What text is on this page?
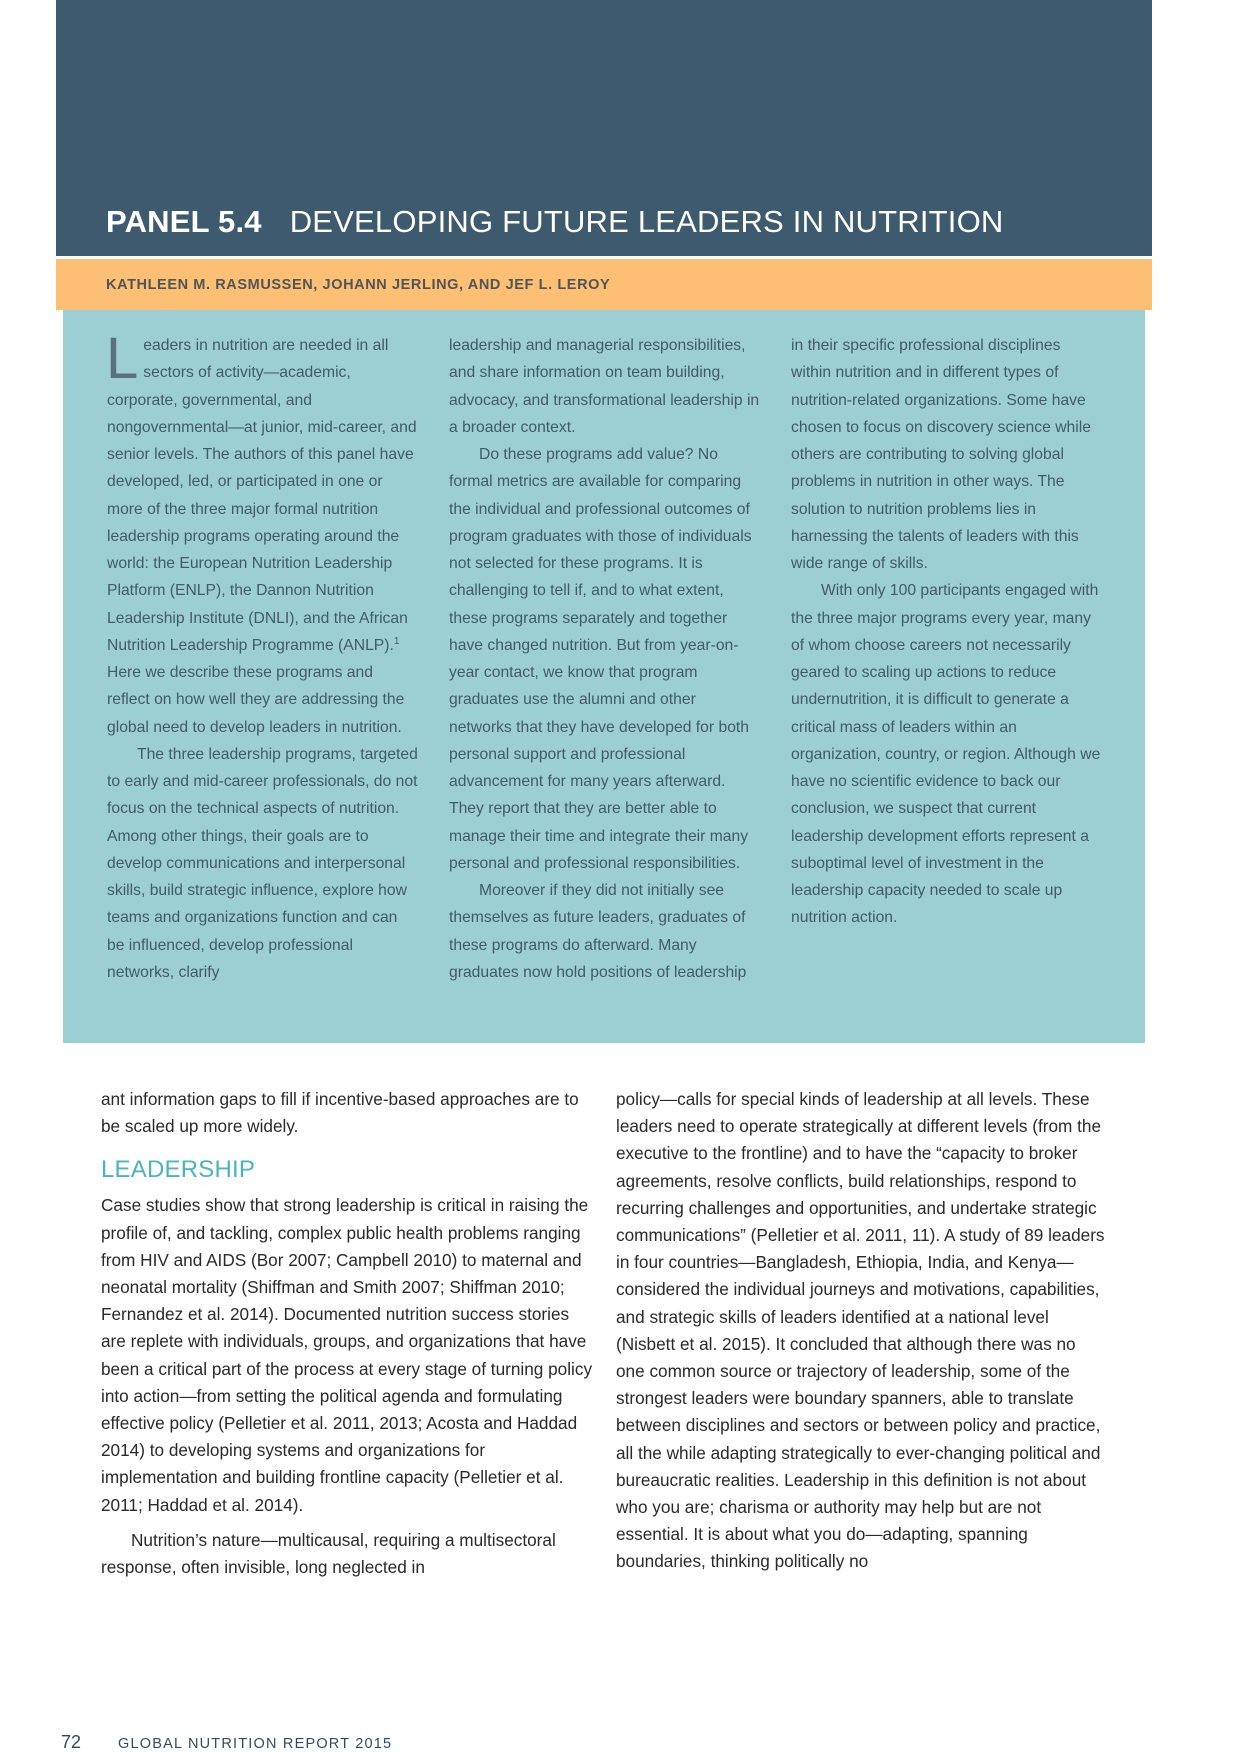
PANEL 5.4 DEVELOPING FUTURE LEADERS IN NUTRITION

KATHLEEN M. RASMUSSEN, JOHANN JERLING, AND JEF L. LEROY

Leaders in nutrition are needed in all sectors of activity—academic, corporate, governmental, and nongovernmental—at junior, mid-career, and senior levels. The authors of this panel have developed, led, or participated in one or more of the three major formal nutrition leadership programs operating around the world: the European Nutrition Leadership Platform (ENLP), the Dannon Nutrition Leadership Institute (DNLI), and the African Nutrition Leadership Programme (ANLP).$^1$ Here we describe these programs and reflect on how well they are addressing the global need to develop leaders in nutrition.

The three leadership programs, targeted to early and mid-career professionals, do not focus on the technical aspects of nutrition. Among other things, their goals are to develop communications and interpersonal skills, build strategic influence, explore how teams and organizations function and can be influenced, develop professional networks, clarify

leadership and managerial responsibilities, and share information on team building, advocacy, and transformational leadership in a broader context.

Do these programs add value? No formal metrics are available for comparing the individual and professional outcomes of program graduates with those of individuals not selected for these programs. It is challenging to tell if, and to what extent, these programs separately and together have changed nutrition. But from year-on-year contact, we know that program graduates use the alumni and other networks that they have developed for both personal support and professional advancement for many years afterward. They report that they are better able to manage their time and integrate their many personal and professional responsibilities.

Moreover if they did not initially see themselves as future leaders, graduates of these programs do afterward. Many graduates now hold positions of leadership

in their specific professional disciplines within nutrition and in different types of nutrition-related organizations. Some have chosen to focus on discovery science while others are contributing to solving global problems in nutrition in other ways. The solution to nutrition problems lies in harnessing the talents of leaders with this wide range of skills.

With only 100 participants engaged with the three major programs every year, many of whom choose careers not necessarily geared to scaling up actions to reduce undernutrition, it is difficult to generate a critical mass of leaders within an organization, country, or region. Although we have no scientific evidence to back our conclusion, we suspect that current leadership development efforts represent a suboptimal level of investment in the leadership capacity needed to scale up nutrition action.

ant information gaps to fill if incentive-based approaches are to be scaled up more widely.

LEADERSHIP

Case studies show that strong leadership is critical in raising the profile of, and tackling, complex public health problems ranging from HIV and AIDS (Bor 2007; Campbell 2010) to maternal and neonatal mortality (Shiffman and Smith 2007; Shiffman 2010; Fernandez et al. 2014). Documented nutrition success stories are replete with individuals, groups, and organizations that have been a critical part of the process at every stage of turning policy into action—from setting the political agenda and formulating effective policy (Pelletier et al. 2011, 2013; Acosta and Haddad 2014) to developing systems and organizations for implementation and building frontline capacity (Pelletier et al. 2011; Haddad et al. 2014).

Nutrition’s nature—multicausal, requiring a multisectoral response, often invisible, long neglected in

policy—calls for special kinds of leadership at all levels. These leaders need to operate strategically at different levels (from the executive to the frontline) and to have the “capacity to broker agreements, resolve conflicts, build relationships, respond to recurring challenges and opportunities, and undertake strategic communications” (Pelletier et al. 2011, 11). A study of 89 leaders in four countries—Bangladesh, Ethiopia, India, and Kenya—considered the individual journeys and motivations, capabilities, and strategic skills of leaders identified at a national level (Nisbett et al. 2015). It concluded that although there was no one common source or trajectory of leadership, some of the strongest leaders were boundary spanners, able to translate between disciplines and sectors or between policy and practice, all the while adapting strategically to ever-changing political and bureaucratic realities. Leadership in this definition is not about who you are; charisma or authority may help but are not essential. It is about what you do—adapting, spanning boundaries, thinking politically no

72	GLOBAL NUTRITION REPORT 2015
